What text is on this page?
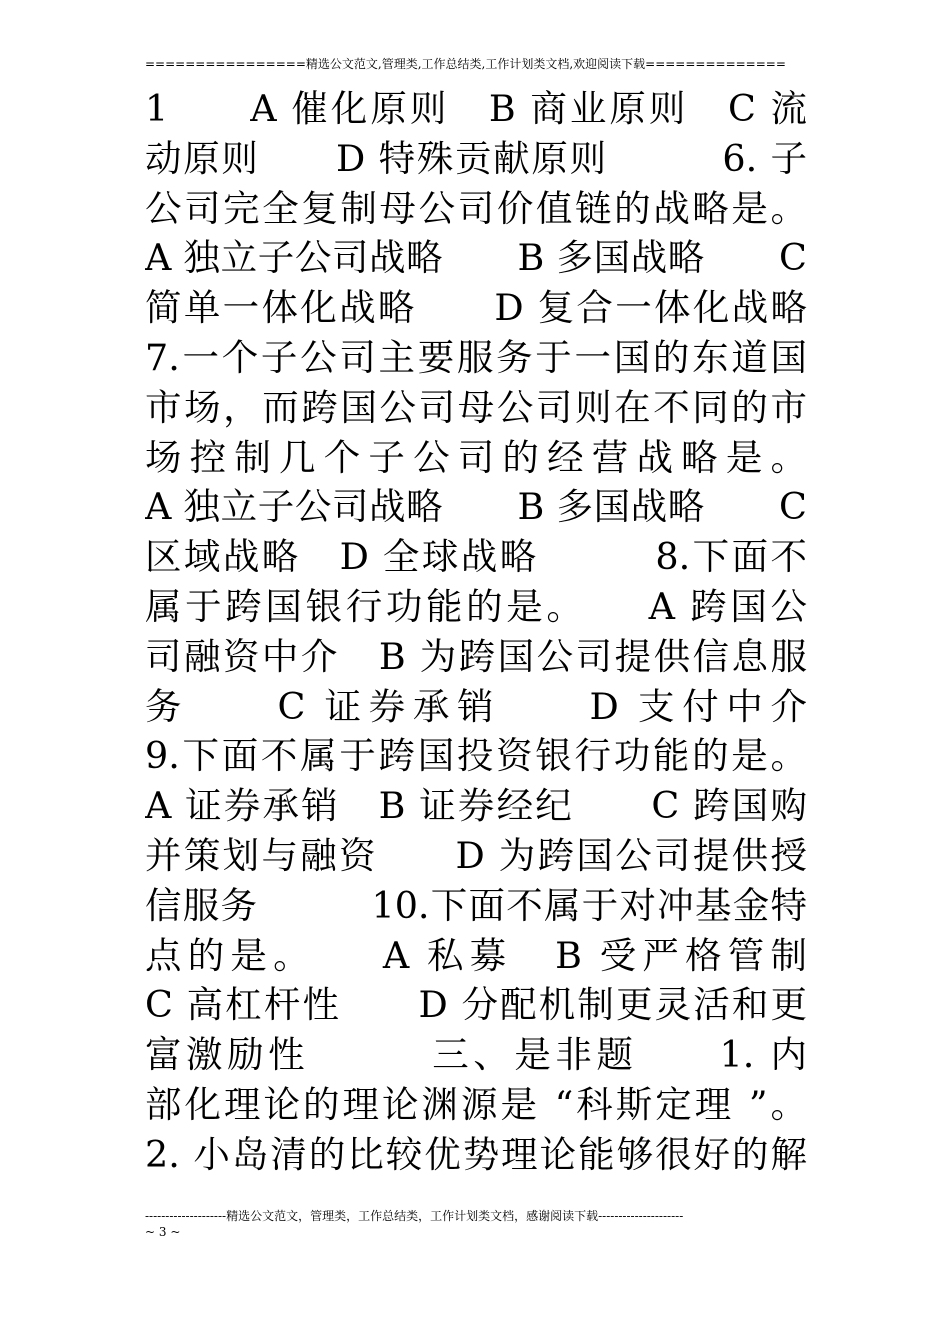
================精选公文范文,管理类,工作总结类,工作计划类文档,欢迎阅读下载==============
1　　A 催化原则　B 商业原则　C 流
动原则　　D 特殊贡献原则　　　6. 子
公司完全复制母公司价值链的战略是。
A 独立子公司战略　　B 多国战略　　C
简单一体化战略　　D 复合一体化战略
7.一个子公司主要服务于一国的东道国
市场，而跨国公司母公司则在不同的市
场控制几个子公司的经营战略是。
A 独立子公司战略　　B 多国战略　　C
区域战略　D 全球战略　　　8.下面不
属于跨国银行功能的是。　　A 跨国公
司融资中介　B 为跨国公司提供信息服
务　　C 证券承销　　D 支付中介
9.下面不属于跨国投资银行功能的是。
A 证券承销　B 证券经纪　　C 跨国购
并策划与融资　　D 为跨国公司提供授
信服务　　　10.下面不属于对冲基金特
点的是。　　A 私募　B 受严格管制
C 高杠杆性　　D 分配机制更灵活和更
富激励性　　　三、是非题　　1. 内
部化理论的理论渊源是 “科斯定理 ”。
2. 小岛清的比较优势理论能够很好的解
--------------------精选公文范文，管理类，工作总结类，工作计划类文档，感谢阅读下载---------------------
~ 3 ~
